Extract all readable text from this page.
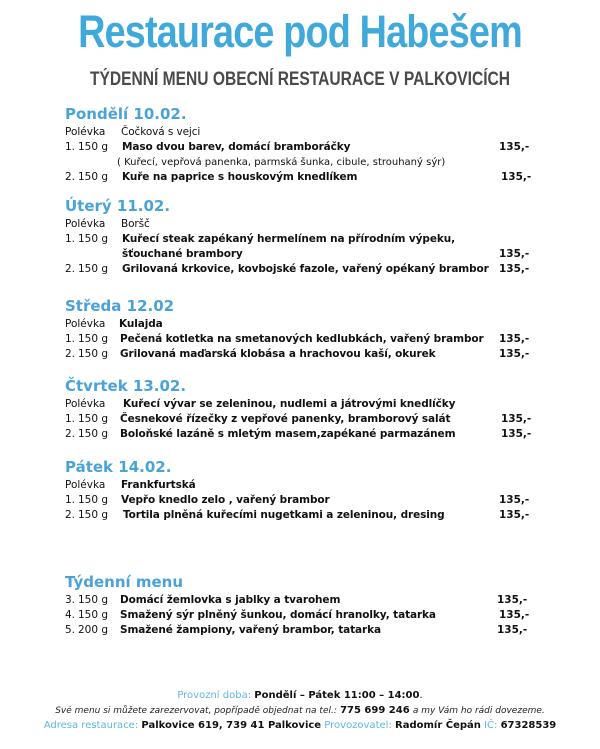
Restaurace pod Habešem
TÝDENNÍ MENU OBECNÍ RESTAURACE V PALKOVICÍCH
Pondělí 10.02.
Polévka Čočková s vejci
1. 150 g Maso dvou barev, domácí bramboráčky	135,-
( Kuřecí, vepřová panenka, parmská šunka, cibule, strouhaný sýr)
2. 150 g Kuře na paprice s houskovým knedlíkem	135,-
Úterý 11.02.
Polévka Boršč
1. 150 g Kuřecí steak zapékaný hermelínem na přírodním výpeku,
šťouchané brambory	135,-
2. 150 g Grilovaná krkovice, kovbojské fazole, vařený opékaný brambor 135,-
Středa 12.02
Polévka Kulajda
1. 150 g Pečená kotletka na smetanových kedlubkách, vařený brambor 135,-
2. 150 g Grilovaná maďarská klobása a hrachovou kaší, okurek	135,-
Čtvrtek 13.02.
Polévka Kuřecí vývar se zeleninou, nudlemi a játrovými knedlíčky
1. 150 g Česnekové řízečky z vepřové panenky, bramborový salát	135,-
2. 150 g Boloňské lazáně s mletým masem,zapékané parmazánem	135,-
Pátek 14.02.
Polévka Frankfurtská
1. 150 g Vepřo knedlo zelo , vařený brambor	135,-
2. 150 g Tortila plněná kuřecími nugetkami a zeleninou, dresing	135,-
Týdenní menu
3. 150 g Domácí žemlovka s jablky a tvarohem	135,-
4. 150 g Smažený sýr plněný šunkou, domácí hranolky, tatarka	135,-
5. 200 g Smažené žampiony, vařený brambor, tatarka	135,-
Provozní doba: Pondělí – Pátek 11:00 – 14:00.
Své menu si můžete zarezervovat, popřípadě objednat na tel.: 775 699 246 a my Vám ho rádi dovezeme.
Adresa restaurace: Palkovice 619, 739 41 Palkovice Provozovatel: Radomír Čepán IČ: 67328539
